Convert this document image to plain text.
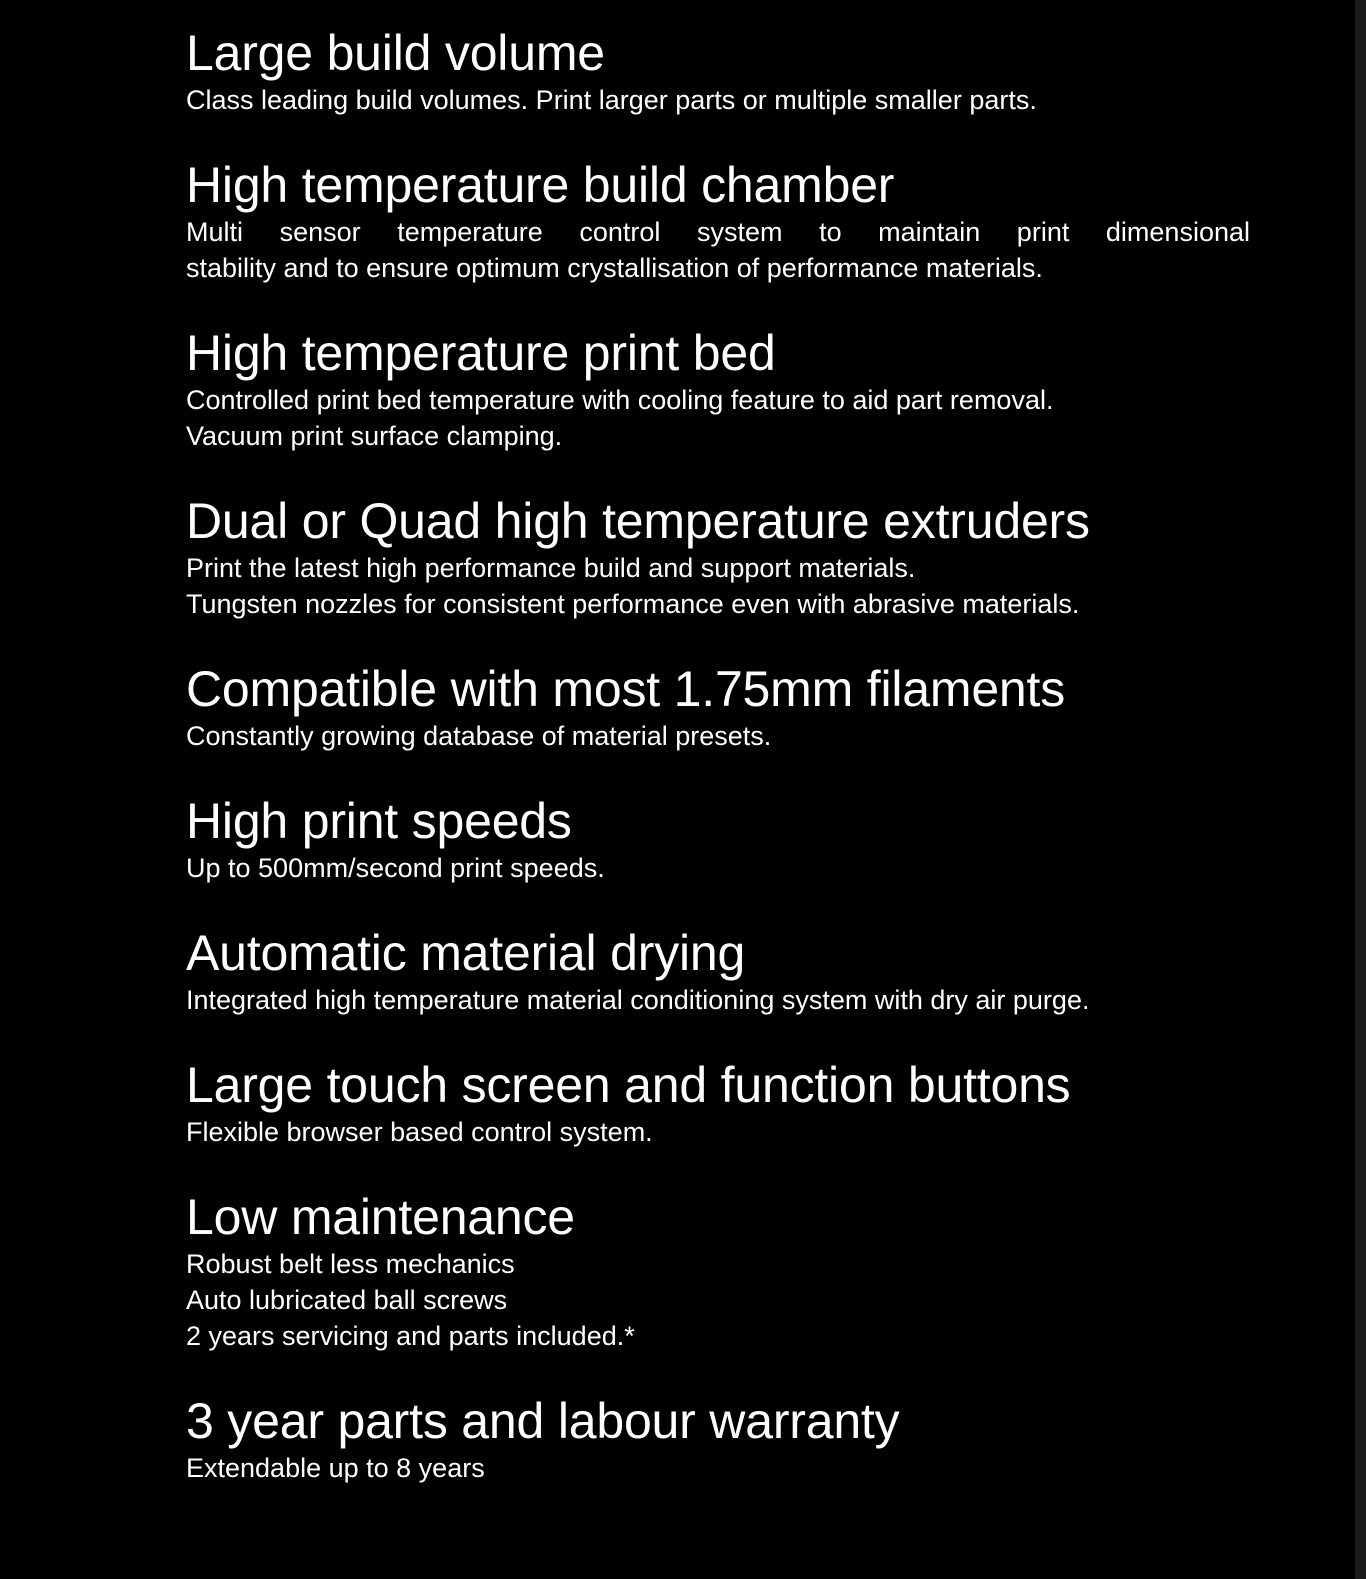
Large build volume

Class leading build volumes. Print larger parts or multiple smaller parts.

High temperature build chamber

Multi sensor temperature control system to maintain print dimensional
stability and to ensure optimum crystallisation of performance materials.

High temperature print bed

Controlled print bed temperature with cooling feature to aid part removal.
Vacuum print surface clamping.

Dual or Quad high temperature extruders

Print the latest high performance build and support materials.
Tungsten nozzles for consistent performance even with abrasive materials.

Compatible with most 1.75mm filaments

Constantly growing database of material presets.

High print speeds

Up to 500mm/second print speeds.

Automatic material drying

Integrated high temperature material conditioning system with dry air purge.

Large touch screen and function buttons

Flexible browser based control system.

Low maintenance

Robust belt less mechanics
Auto lubricated ball screws
2 years servicing and parts included.*

3 year parts and labour warranty

Extendable up to 8 years
